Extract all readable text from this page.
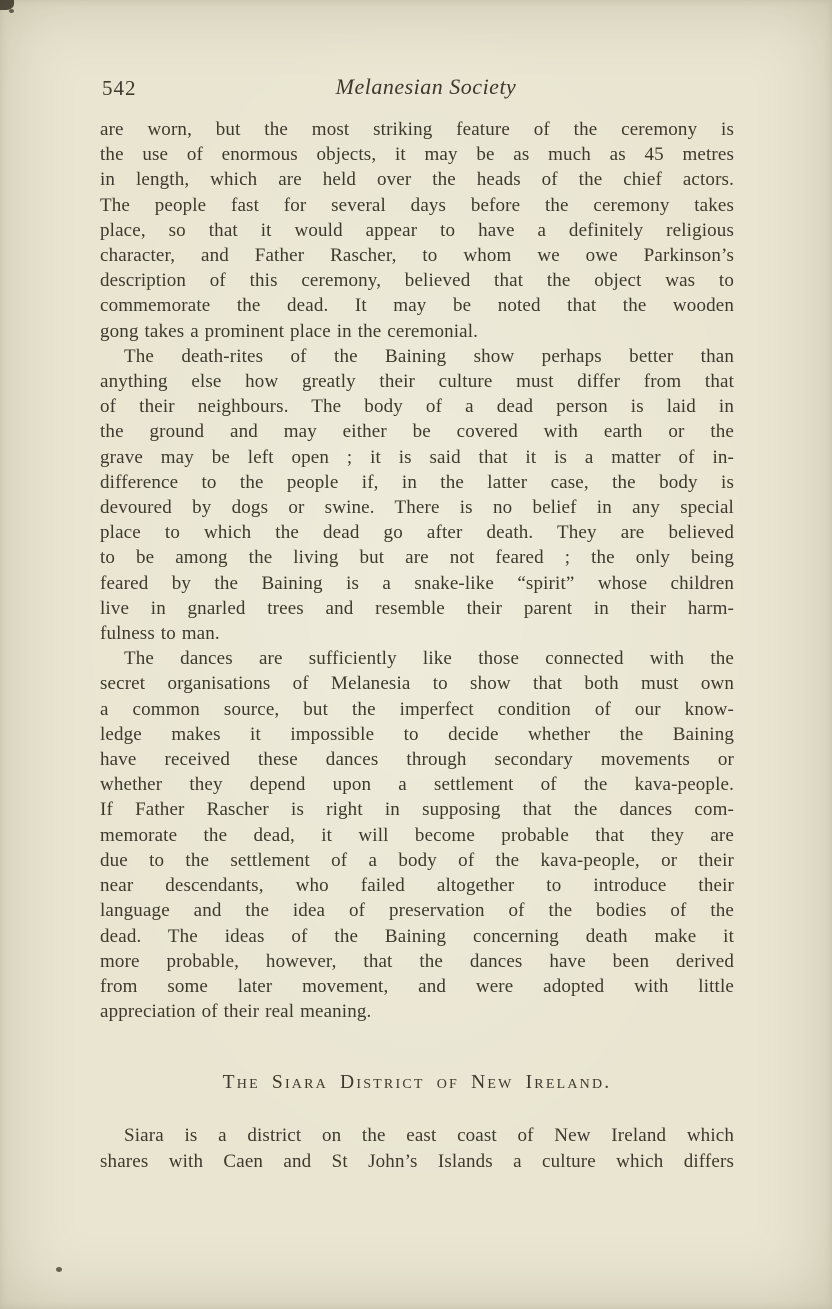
542	Melanesian Society
are worn, but the most striking feature of the ceremony is
the use of enormous objects, it may be as much as 45 metres
in length, which are held over the heads of the chief actors.
The people fast for several days before the ceremony takes
place, so that it would appear to have a definitely religious
character, and Father Rascher, to whom we owe Parkinson’s
description of this ceremony, believed that the object was to
commemorate the dead. It may be noted that the wooden
gong takes a prominent place in the ceremonial.
The death-rites of the Baining show perhaps better than
anything else how greatly their culture must differ from that
of their neighbours. The body of a dead person is laid in
the ground and may either be covered with earth or the
grave may be left open ; it is said that it is a matter of in-
difference to the people if, in the latter case, the body is
devoured by dogs or swine. There is no belief in any special
place to which the dead go after death. They are believed
to be among the living but are not feared ; the only being
feared by the Baining is a snake-like “spirit” whose children
live in gnarled trees and resemble their parent in their harm-
fulness to man.
The dances are sufficiently like those connected with the
secret organisations of Melanesia to show that both must own
a common source, but the imperfect condition of our know-
ledge makes it impossible to decide whether the Baining
have received these dances through secondary movements or
whether they depend upon a settlement of the kava-people.
If Father Rascher is right in supposing that the dances com-
memorate the dead, it will become probable that they are
due to the settlement of a body of the kava-people, or their
near descendants, who failed altogether to introduce their
language and the idea of preservation of the bodies of the
dead. The ideas of the Baining concerning death make it
more probable, however, that the dances have been derived
from some later movement, and were adopted with little
appreciation of their real meaning.
The Siara District of New Ireland.
Siara is a district on the east coast of New Ireland which
shares with Caen and St John’s Islands a culture which differs
